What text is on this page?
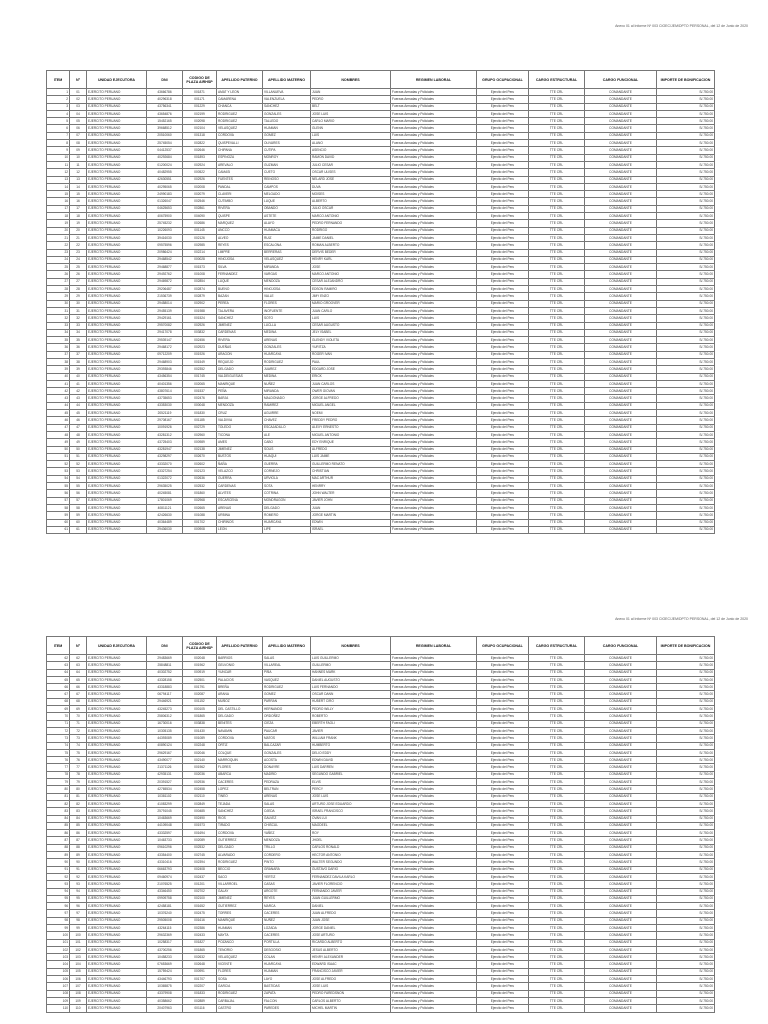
Anexo 01 al Informe Nº 003 CIOEC/JEM/DPTO PERSONAL, del 12 de Junio de 2020
ITEM	Nº	UNIDAD EJECUTORA	DNI	CODIGO DE PLAZA AIRHSP	APELLIDO PATERNO	APELLIDO MATERNO	NOMBRES	REGIMEN LABORAL	GRUPO OCUPACIONAL	CARGO ESTRUCTURAL	CARGO FUNCIONAL	IMPORTE DE BONIFICACION
1	01	EJERCITO PERUANO	43666786	001871	AMAT Y LEON	VILLANUEVA	JUAN	Fuerzas Armadas y Policiales	Ejercito del Peru	TTE CRL	COMANDANTE	S/.750.00
2	02	EJERCITO PERUANO	40296318	001171	CAMARENA	VALENZUELA	PEDRO	Fuerzas Armadas y Policiales	Ejercito del Peru	TTE CRL	COMANDANTE	S/.750.00
3	03	EJERCITO PERUANO	43756341	001229	CHANCA	SANCHEZ	BELT	Fuerzas Armadas y Policiales	Ejercito del Peru	TTE CRL	COMANDANTE	S/.750.00
4	04	EJERCITO PERUANO	43654876	002199	RODRIGUEZ	GONZALES	JOSE LUIS	Fuerzas Armadas y Policiales	Ejercito del Peru	TTE CRL	COMANDANTE	S/.750.00
5	05	EJERCITO PERUANO	15452165	002098	RODRIGUEZ	TALLEDO	CARLO MARIO	Fuerzas Armadas y Policiales	Ejercito del Peru	TTE CRL	COMANDANTE	S/.750.00
6	06	EJERCITO PERUANO	39668512	002104	VELASQUEZ	HUAMAN	GLENN	Fuerzas Armadas y Policiales	Ejercito del Peru	TTE CRL	COMANDANTE	S/.750.00
7	07	EJERCITO PERUANO	20510060	001318	CORDOVA	GOMEZ	LUIS	Fuerzas Armadas y Policiales	Ejercito del Peru	TTE CRL	COMANDANTE	S/.750.00
8	08	EJERCITO PERUANO	25745054	002822	QUISPEVALLI	OLIVARES	ALANO	Fuerzas Armadas y Policiales	Ejercito del Peru	TTE CRL	COMANDANTE	S/.750.00
9	09	EJERCITO PERUANO	04412537	002646	CHIPANA	CUTIPA	ASENCIO	Fuerzas Armadas y Policiales	Ejercito del Peru	TTE CRL	COMANDANTE	S/.750.00
10	10	EJERCITO PERUANO	40292684	001893	ESPINOZA	MONROY	RAMON DAVID	Fuerzas Armadas y Policiales	Ejercito del Peru	TTE CRL	COMANDANTE	S/.750.00
11	11	EJERCITO PERUANO	01200024	002924	AREVALO	GUZMAN	JULIO CESAR	Fuerzas Armadas y Policiales	Ejercito del Peru	TTE CRL	COMANDANTE	S/.750.00
12	12	EJERCITO PERUANO	40482955	000522	CAMASI	CUETO	OSCAR ULISES	Fuerzas Armadas y Policiales	Ejercito del Peru	TTE CRL	COMANDANTE	S/.750.00
13	13	EJERCITO PERUANO	42630551	002926	FUENTES	REINOSO	NELARD JOSE	Fuerzas Armadas y Policiales	Ejercito del Peru	TTE CRL	COMANDANTE	S/.750.00
14	14	EJERCITO PERUANO	40295065	002008	PANDAL	CAMPOS	DUVA	Fuerzas Armadas y Policiales	Ejercito del Peru	TTE CRL	COMANDANTE	S/.750.00
15	15	EJERCITO PERUANO	24990183	002079	CLAVERI	MELGADO	MOISES	Fuerzas Armadas y Policiales	Ejercito del Peru	TTE CRL	COMANDANTE	S/.750.00
16	16	EJERCITO PERUANO	01326047	002546	CUTIMBO	LUQUE	ALBERTO	Fuerzas Armadas y Policiales	Ejercito del Peru	TTE CRL	COMANDANTE	S/.750.00
17	17	EJERCITO PERUANO	04625653	002861	RIVERA	OBANDO	JULIO OSCAR	Fuerzas Armadas y Policiales	Ejercito del Peru	TTE CRL	COMANDANTE	S/.750.00
18	18	EJERCITO PERUANO	40675900	004090	QUISPE	ASTETE	MARCO ANTONIO	Fuerzas Armadas y Policiales	Ejercito del Peru	TTE CRL	COMANDANTE	S/.750.00
19	19	EJERCITO PERUANO	25745232	002686	MARQUEZ	ALAYO	PEDRO FERNANDO	Fuerzas Armadas y Policiales	Ejercito del Peru	TTE CRL	COMANDANTE	S/.750.00
20	20	EJERCITO PERUANO	10226093	001145	ANCCO	HUAMACA	RODRIGO	Fuerzas Armadas y Policiales	Ejercito del Peru	TTE CRL	COMANDANTE	S/.750.00
21	21	EJERCITO PERUANO	39416030	002126	ALVEO	RUIZ	JAIME DANIEL	Fuerzas Armadas y Policiales	Ejercito del Peru	TTE CRL	COMANDANTE	S/.750.00
22	22	EJERCITO PERUANO	09575596	002985	REYES	ESCALONA	ROMAN ALBERTO	Fuerzas Armadas y Policiales	Ejercito del Peru	TTE CRL	COMANDANTE	S/.750.00
23	23	EJERCITO PERUANO	20986424	002214	LIMPRE	BERRERAS	DERVIS BEDER	Fuerzas Armadas y Policiales	Ejercito del Peru	TTE CRL	COMANDANTE	S/.750.00
24	24	EJERCITO PERUANO	29468542	000028	HINOJOSA	VELASQUEZ	HENRY KARL	Fuerzas Armadas y Policiales	Ejercito del Peru	TTE CRL	COMANDANTE	S/.750.00
25	25	EJERCITO PERUANO	29468877	001573	SILVA	MIRANDA	JOSE	Fuerzas Armadas y Policiales	Ejercito del Peru	TTE CRL	COMANDANTE	S/.750.00
26	26	EJERCITO PERUANO	29492762	001008	FERNANDEZ	VARGAS	MARCO ANTONIO	Fuerzas Armadas y Policiales	Ejercito del Peru	TTE CRL	COMANDANTE	S/.750.00
27	27	EJERCITO PERUANO	29469872	002854	LUQUE	MENDOZA	CESAR ALEJANDRO	Fuerzas Armadas y Policiales	Ejercito del Peru	TTE CRL	COMANDANTE	S/.750.00
28	28	EJERCITO PERUANO	29206487	002874	BUENO	HINOJOSA	EDSON RAMIRO	Fuerzas Armadas y Policiales	Ejercito del Peru	TTE CRL	COMANDANTE	S/.750.00
29	29	EJERCITO PERUANO	21536739	002879	BAZAN	VALLE	JIMY ENZO	Fuerzas Armadas y Policiales	Ejercito del Peru	TTE CRL	COMANDANTE	S/.750.00
30	30	EJERCITO PERUANO	29458014	002902	PEREA	FLORES	MARIO GROOVER	Fuerzas Armadas y Policiales	Ejercito del Peru	TTE CRL	COMANDANTE	S/.750.00
31	31	EJERCITO PERUANO	29455139	001988	TALAVERA	INOFUENTE	JUAN CARLO	Fuerzas Armadas y Policiales	Ejercito del Peru	TTE CRL	COMANDANTE	S/.750.00
32	32	EJERCITO PERUANO	29429161	001524	SANCHEZ	SOTO	LUIS	Fuerzas Armadas y Policiales	Ejercito del Peru	TTE CRL	COMANDANTE	S/.750.00
33	33	EJERCITO PERUANO	29570082	002926	JIMENEZ	LUCLLA	CESAR AUGUSTO	Fuerzas Armadas y Policiales	Ejercito del Peru	TTE CRL	COMANDANTE	S/.750.00
34	34	EJERCITO PERUANO	29417078	003832	CARDENAS	MEDINA	JELY ISABEL	Fuerzas Armadas y Policiales	Ejercito del Peru	TTE CRL	COMANDANTE	S/.750.00
35	35	EJERCITO PERUANO	29539147	002456	RIVERA	ARENAS	GLENDY VIOLETA	Fuerzas Armadas y Policiales	Ejercito del Peru	TTE CRL	COMANDANTE	S/.750.00
36	36	EJERCITO PERUANO	29468172	002923	DUEÑAS	GONZALES	YURITZA	Fuerzas Armadas y Policiales	Ejercito del Peru	TTE CRL	COMANDANTE	S/.750.00
37	37	EJERCITO PERUANO	09712209	001926	ARAGON	HUARCAYA	ROGER IVAN	Fuerzas Armadas y Policiales	Ejercito del Peru	TTE CRL	COMANDANTE	S/.750.00
38	38	EJERCITO PERUANO	29468903	001549	REQUEJO	RODRIGUEZ	PAUL	Fuerzas Armadas y Policiales	Ejercito del Peru	TTE CRL	COMANDANTE	S/.750.00
39	39	EJERCITO PERUANO	29393846	002352	DELGADO	JUAREZ	EDGARD JOSE	Fuerzas Armadas y Policiales	Ejercito del Peru	TTE CRL	COMANDANTE	S/.750.00
40	40	EJERCITO PERUANO	43456354	001745	VALDEIGLESIAS	MEDINA	ERICK	Fuerzas Armadas y Policiales	Ejercito del Peru	TTE CRL	COMANDANTE	S/.750.00
41	41	EJERCITO PERUANO	40401356	002065	MANRIQUE	NUÑEZ	JUAN CARLOS	Fuerzas Armadas y Policiales	Ejercito del Peru	TTE CRL	COMANDANTE	S/.750.00
42	42	EJERCITO PERUANO	43807614	001537	PEÑA	MIRANDA	OWER GIOVAN	Fuerzas Armadas y Policiales	Ejercito del Peru	TTE CRL	COMANDANTE	S/.750.00
43	43	EJERCITO PERUANO	43735653	002476	BARJA	MALDONADO	JORGE ALFREDO	Fuerzas Armadas y Policiales	Ejercito del Peru	TTE CRL	COMANDANTE	S/.750.00
44	44	EJERCITO PERUANO	43353030	000048	MENDOZA	RAMIREZ	MIGUEL ANGEL	Fuerzas Armadas y Policiales	Ejercito del Peru	TTE CRL	COMANDANTE	S/.750.00
45	45	EJERCITO PERUANO	20521119	001830	CRUZ	AGUIRRE	NOEMI	Fuerzas Armadas y Policiales	Ejercito del Peru	TTE CRL	COMANDANTE	S/.750.00
46	46	EJERCITO PERUANO	29708167	001185	VALDIVIA	CHAVEZ	FREDDY PEDRO	Fuerzas Armadas y Policiales	Ejercito del Peru	TTE CRL	COMANDANTE	S/.750.00
47	47	EJERCITO PERUANO	10091926	002729	TOLEDO	ESCAJADILLO	ALEXY ERNESTO	Fuerzas Armadas y Policiales	Ejercito del Peru	TTE CRL	COMANDANTE	S/.750.00
48	48	EJERCITO PERUANO	43281312	002960	TICONA	ALE	MIGUEL ANTONIO	Fuerzas Armadas y Policiales	Ejercito del Peru	TTE CRL	COMANDANTE	S/.750.00
49	49	EJERCITO PERUANO	43725403	000989	AMES	CABO	EDY ENRIQUE	Fuerzas Armadas y Policiales	Ejercito del Peru	TTE CRL	COMANDANTE	S/.750.00
50	50	EJERCITO PERUANO	43281947	002138	JIMENEZ	SOLIS	ALFREDO	Fuerzas Armadas y Policiales	Ejercito del Peru	TTE CRL	COMANDANTE	S/.750.00
51	51	EJERCITO PERUANO	43298297	002670	BUSTOS	HUAQUI	LUIS JAIME	Fuerzas Armadas y Policiales	Ejercito del Peru	TTE CRL	COMANDANTE	S/.750.00
52	52	EJERCITO PERUANO	43332070	002602	ÑAÑA	GUERRA	GUILLERMO RENATO	Fuerzas Armadas y Policiales	Ejercito del Peru	TTE CRL	COMANDANTE	S/.750.00
53	53	EJERCITO PERUANO	43327254	002123	VELAZCO	CORNEJO	CHRISTIAN	Fuerzas Armadas y Policiales	Ejercito del Peru	TTE CRL	COMANDANTE	S/.750.00
54	54	EJERCITO PERUANO	01322072	002636	GUERRA	URVIOLA	MAC ARTHUR	Fuerzas Armadas y Policiales	Ejercito del Peru	TTE CRL	COMANDANTE	S/.750.00
55	55	EJERCITO PERUANO	29635025	002532	CARDENAS	SOTA	HENRRY	Fuerzas Armadas y Policiales	Ejercito del Peru	TTE CRL	COMANDANTE	S/.750.00
56	56	EJERCITO PERUANO	40245081	001860	ALVITES	COTRINA	JOHN WALTER	Fuerzas Armadas y Policiales	Ejercito del Peru	TTE CRL	COMANDANTE	S/.750.00
57	57	EJERCITO PERUANO	17801069	002968	ESCARCENA	MONDRAGON	JAVIER JOHN	Fuerzas Armadas y Policiales	Ejercito del Peru	TTE CRL	COMANDANTE	S/.750.00
58	58	EJERCITO PERUANO	40811121	002665	ARENAS	DELGADO	JUAN	Fuerzas Armadas y Policiales	Ejercito del Peru	TTE CRL	COMANDANTE	S/.750.00
59	59	EJERCITO PERUANO	42426630	001088	URBINA	ROMERO	JORGE MARTIN	Fuerzas Armadas y Policiales	Ejercito del Peru	TTE CRL	COMANDANTE	S/.750.00
60	60	EJERCITO PERUANO	40364489	001702	CHIRINOS	HUARCAYA	EDWIN	Fuerzas Armadas y Policiales	Ejercito del Peru	TTE CRL	COMANDANTE	S/.750.00
61	61	EJERCITO PERUANO	29436030	000908	LEON	LIPE	ISRAEL	Fuerzas Armadas y Policiales	Ejercito del Peru	TTE CRL	COMANDANTE	S/.750.00
Anexo 01 al Informe Nº 003 CIOEC/JEM/DPTO PERSONAL, del 12 de Junio de 2020
ITEM	Nº	UNIDAD EJECUTORA	DNI	CODIGO DE PLAZA AIRHSP	APELLIDO PATERNO	APELLIDO MATERNO	NOMBRES	REGIMEN LABORAL	GRUPO OCUPACIONAL	CARGO ESTRUCTURAL	CARGO FUNCIONAL	IMPORTE DE BONIFICACION
62	62	EJERCITO PERUANO	29483669	002048	BARRIOS	SALAS	LUIS GUILLERMO	Fuerzas Armadas y Policiales	Ejercito del Peru	TTE CRL	COMANDANTE	S/.750.00
63	63	EJERCITO PERUANO	25848811	001962	GELVONIO	VILLAREAL	GUILLERMO	Fuerzas Armadas y Policiales	Ejercito del Peru	TTE CRL	COMANDANTE	S/.750.00
64	64	EJERCITO PERUANO	40302752	000919	YUNCAR	PIÑA	HANNES MARK	Fuerzas Armadas y Policiales	Ejercito del Peru	TTE CRL	COMANDANTE	S/.750.00
65	65	EJERCITO PERUANO	43328158	002501	PALACIOS	VASQUEZ	DANIEL AUGUSTO	Fuerzas Armadas y Policiales	Ejercito del Peru	TTE CRL	COMANDANTE	S/.750.00
66	66	EJERCITO PERUANO	43318883	001791	BREÑA	RODRIGUEZ	LUIS FERNANDO	Fuerzas Armadas y Policiales	Ejercito del Peru	TTE CRL	COMANDANTE	S/.750.00
67	67	EJERCITO PERUANO	06794117	002087	ARANA	GOMEZ	OSCAR DANN	Fuerzas Armadas y Policiales	Ejercito del Peru	TTE CRL	COMANDANTE	S/.750.00
68	68	EJERCITO PERUANO	29446921	001152	MUÑOZ	PARRAN	HUBERT CIRO	Fuerzas Armadas y Policiales	Ejercito del Peru	TTE CRL	COMANDANTE	S/.750.00
69	69	EJERCITO PERUANO	43245273	000105	DEL CASTILLO	HERNANDO	PEDRO WILLY	Fuerzas Armadas y Policiales	Ejercito del Peru	TTE CRL	COMANDANTE	S/.750.00
70	70	EJERCITO PERUANO	25806312	001865	DELGADO	ORDOÑEZ	ROBERTO	Fuerzas Armadas y Policiales	Ejercito del Peru	TTE CRL	COMANDANTE	S/.750.00
71	71	EJERCITO PERUANO	16730016	003838	BENITES	CIEZA	EBERTH FAOLI	Fuerzas Armadas y Policiales	Ejercito del Peru	TTE CRL	COMANDANTE	S/.750.00
72	72	EJERCITO PERUANO	10305135	001430	NAVAMIN	PAUCAR	JAVIER	Fuerzas Armadas y Policiales	Ejercito del Peru	TTE CRL	COMANDANTE	S/.750.00
73	73	EJERCITO PERUANO	44393089	001089	CORDOVA	MATOS	WILLIAM FRANK	Fuerzas Armadas y Policiales	Ejercito del Peru	TTE CRL	COMANDANTE	S/.750.00
74	74	EJERCITO PERUANO	40890124	002248	ORTIZ	BALCAZAR	HUMBERTO	Fuerzas Armadas y Policiales	Ejercito del Peru	TTE CRL	COMANDANTE	S/.750.00
75	75	EJERCITO PERUANO	29629167	002046	COLQUE	GONZALES	DELIO EDDY	Fuerzas Armadas y Policiales	Ejercito del Peru	TTE CRL	COMANDANTE	S/.750.00
76	76	EJERCITO PERUANO	43490077	002140	MARROQUIN	ACOSTA	EDWIN DAVID	Fuerzas Armadas y Policiales	Ejercito del Peru	TTE CRL	COMANDANTE	S/.750.00
77	77	EJERCITO PERUANO	21371126	001962	FLORES	DONAYRE	LUIS DARREN	Fuerzas Armadas y Policiales	Ejercito del Peru	TTE CRL	COMANDANTE	S/.750.00
78	78	EJERCITO PERUANO	42935131	002036	ABARCA	MADRID	SEGUNDO GABRIEL	Fuerzas Armadas y Policiales	Ejercito del Peru	TTE CRL	COMANDANTE	S/.750.00
79	79	EJERCITO PERUANO	20391527	002936	CACERES	PEDRAZA	ELVIS	Fuerzas Armadas y Policiales	Ejercito del Peru	TTE CRL	COMANDANTE	S/.750.00
80	80	EJERCITO PERUANO	42765534	002458	LOPEZ	BELTRAN	PERCY	Fuerzas Armadas y Policiales	Ejercito del Peru	TTE CRL	COMANDANTE	S/.750.00
81	81	EJERCITO PERUANO	10381102	002110	TINEO	ARENAS	JOSE LUIS	Fuerzas Armadas y Policiales	Ejercito del Peru	TTE CRL	COMANDANTE	S/.750.00
82	82	EJERCITO PERUANO	41083299	002849	TEJADA	SALAS	ARTURO JOSE EDUARDO	Fuerzas Armadas y Policiales	Ejercito del Peru	TTE CRL	COMANDANTE	S/.750.00
83	83	EJERCITO PERUANO	25791045	000485	SANCHEZ	OJEDA	ISRAEL FRANCISCO	Fuerzas Armadas y Policiales	Ejercito del Peru	TTE CRL	COMANDANTE	S/.750.00
84	84	EJERCITO PERUANO	10463669	002490	RIOS	GALVEZ	OVAN LUI	Fuerzas Armadas y Policiales	Ejercito del Peru	TTE CRL	COMANDANTE	S/.750.00
85	85	EJERCITO PERUANO	44109048	001973	TIRADO	CHISCUL	MAODEEL	Fuerzas Armadas y Policiales	Ejercito del Peru	TTE CRL	COMANDANTE	S/.750.00
86	86	EJERCITO PERUANO	43332597	001694	CORDOVA	YAÑEZ	ROY	Fuerzas Armadas y Policiales	Ejercito del Peru	TTE CRL	COMANDANTE	S/.750.00
87	87	EJERCITO PERUANO	10463733	002089	GUTIERREZ	MENDOZA	JHOEL	Fuerzas Armadas y Policiales	Ejercito del Peru	TTE CRL	COMANDANTE	S/.750.00
88	88	EJERCITO PERUANO	09610296	002532	DELGADO	TRILLO	CARLOS RONALD	Fuerzas Armadas y Policiales	Ejercito del Peru	TTE CRL	COMANDANTE	S/.750.00
89	89	EJERCITO PERUANO	43354400	002745	ALVARADO	CORDERO	HECTOR ANTONIO	Fuerzas Armadas y Policiales	Ejercito del Peru	TTE CRL	COMANDANTE	S/.750.00
90	90	EJERCITO PERUANO	43310416	002394	RODRIGUEZ	PINTO	WALTER SEGUNDO	Fuerzas Armadas y Policiales	Ejercito del Peru	TTE CRL	COMANDANTE	S/.750.00
91	91	EJERCITO PERUANO	06663793	002408	BECCIO	GRANARA	GUSTAVO DARIO	Fuerzas Armadas y Policiales	Ejercito del Peru	TTE CRL	COMANDANTE	S/.750.00
92	92	EJERCITO PERUANO	09460974	002437	SACO	YERTIZ	FERNANDEZ DAVILA KARLO	Fuerzas Armadas y Policiales	Ejercito del Peru	TTE CRL	COMANDANTE	S/.750.00
93	93	EJERCITO PERUANO	21076525	001201	VILLARROEL	CASAS	JAVIER FLORENCIO	Fuerzas Armadas y Policiales	Ejercito del Peru	TTE CRL	COMANDANTE	S/.750.00
94	94	EJERCITO PERUANO	43346450	002702	GALAY	ARGOTE	FERNANDO JAVIER	Fuerzas Armadas y Policiales	Ejercito del Peru	TTE CRL	COMANDANTE	S/.750.00
95	95	EJERCITO PERUANO	09909758	002100	JIMENEZ	REYES	JUAN GUILLERMO	Fuerzas Armadas y Policiales	Ejercito del Peru	TTE CRL	COMANDANTE	S/.750.00
96	96	EJERCITO PERUANO	42458181	001652	GUTIERREZ	MARCA	DANIEL	Fuerzas Armadas y Policiales	Ejercito del Peru	TTE CRL	COMANDANTE	S/.750.00
97	97	EJERCITO PERUANO	10376240	002475	TORRES	CACERES	JUAN ALFREDO	Fuerzas Armadas y Policiales	Ejercito del Peru	TTE CRL	COMANDANTE	S/.750.00
98	98	EJERCITO PERUANO	29505008	001616	MANRIQUE	NUÑEZ	JUAN JOSE	Fuerzas Armadas y Policiales	Ejercito del Peru	TTE CRL	COMANDANTE	S/.750.00
99	99	EJERCITO PERUANO	43264115	002386	HUAMAN	LOZADA	JORGE DANIEL	Fuerzas Armadas y Policiales	Ejercito del Peru	TTE CRL	COMANDANTE	S/.750.00
100	100	EJERCITO PERUANO	29632369	002433	MAYTA	CACERES	JOSE ARTURO	Fuerzas Armadas y Policiales	Ejercito del Peru	TTE CRL	COMANDANTE	S/.750.00
101	101	EJERCITO PERUANO	10258317	001827	POZANCO	PORTILLA	RICARDO ALBERTO	Fuerzas Armadas y Policiales	Ejercito del Peru	TTE CRL	COMANDANTE	S/.750.00
102	102	EJERCITO PERUANO	43700256	001865	TENORIO	DESGOSIO	JESUS ALBERTO	Fuerzas Armadas y Policiales	Ejercito del Peru	TTE CRL	COMANDANTE	S/.750.00
103	103	EJERCITO PERUANO	10458233	002632	VELASQUEZ	COLAN	HENRY ALEXANDER	Fuerzas Armadas y Policiales	Ejercito del Peru	TTE CRL	COMANDANTE	S/.750.00
104	104	EJERCITO PERUANO	07653669	002648	VICENTE	HUARCAYA	EDWARD ISAAC	Fuerzas Armadas y Policiales	Ejercito del Peru	TTE CRL	COMANDANTE	S/.750.00
105	105	EJERCITO PERUANO	15759424	000991	FLORES	HUAMAN	FRANCISCO JAVIER	Fuerzas Armadas y Policiales	Ejercito del Peru	TTE CRL	COMANDANTE	S/.750.00
106	106	EJERCITO PERUANO	43446793	001707	SOSA	LAYO	JOSE ALFREDO	Fuerzas Armadas y Policiales	Ejercito del Peru	TTE CRL	COMANDANTE	S/.750.00
107	107	EJERCITO PERUANO	10365875	002207	GARCIA	BASTIDAS	JOSE LUIS	Fuerzas Armadas y Policiales	Ejercito del Peru	TTE CRL	COMANDANTE	S/.750.00
108	108	EJERCITO PERUANO	43379908	001833	RODRIGUEZ	ZAPATA	PEDRO FAREDSNON	Fuerzas Armadas y Policiales	Ejercito del Peru	TTE CRL	COMANDANTE	S/.750.00
109	109	EJERCITO PERUANO	40358662	002889	CARBAJAL	FALCON	CARLOS ALBERTO	Fuerzas Armadas y Policiales	Ejercito del Peru	TTE CRL	COMANDANTE	S/.750.00
110	110	EJERCITO PERUANO	20407963	001116	CASTRO	PAREDES	MICHEL MARTIN	Fuerzas Armadas y Policiales	Ejercito del Peru	TTE CRL	COMANDANTE	S/.750.00
